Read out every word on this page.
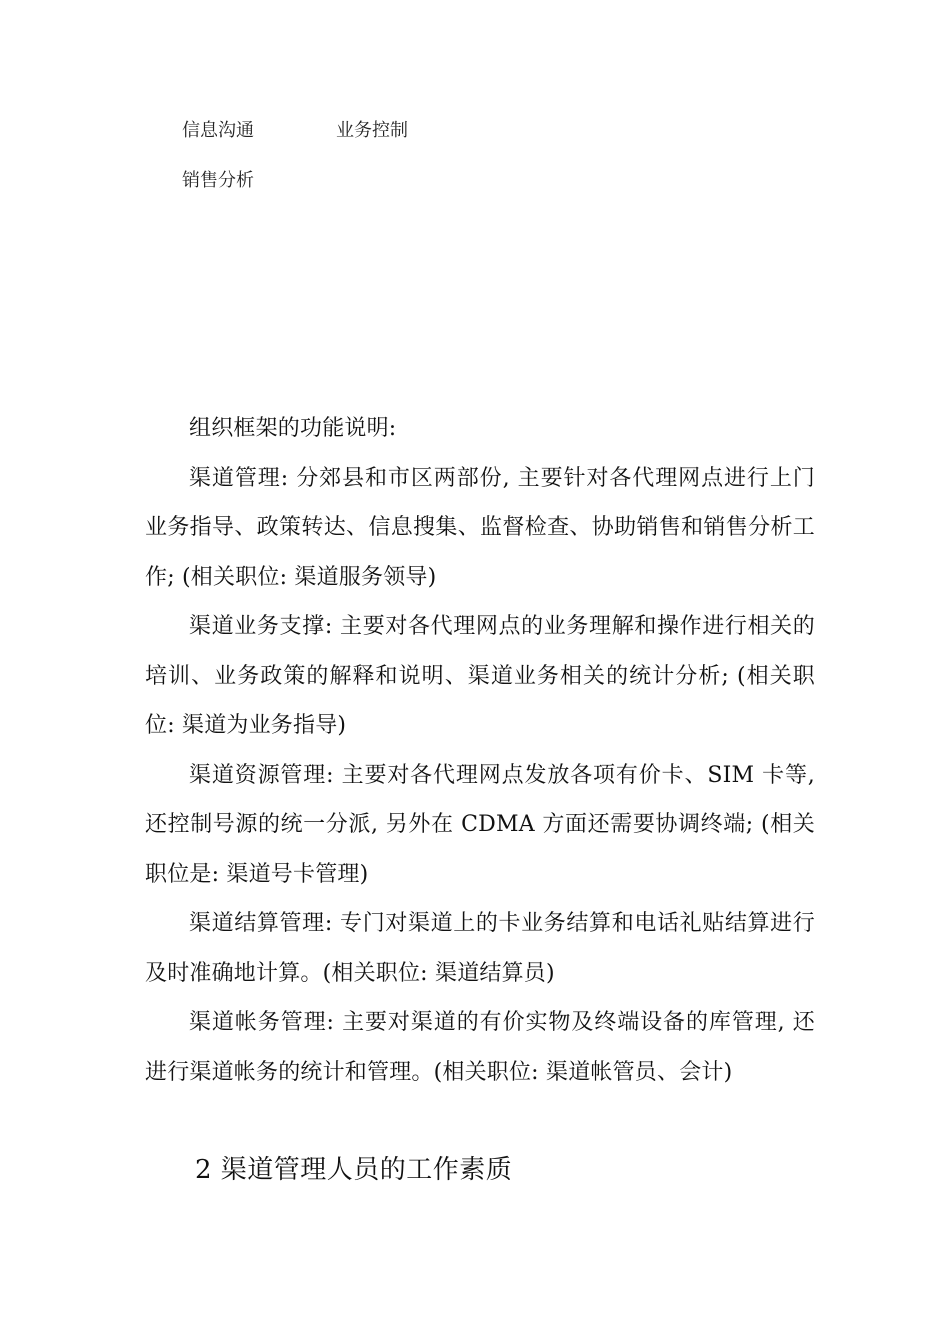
信息沟通	业务控制
销售分析

组织框架的功能说明:

渠道管理: 分郊县和市区两部份, 主要针对各代理网点进行上门业务指导、政策转达、信息搜集、监督检查、协助销售和销售分析工作; (相关职位: 渠道服务领导)

渠道业务支撑: 主要对各代理网点的业务理解和操作进行相关的培训、业务政策的解释和说明、渠道业务相关的统计分析; (相关职位: 渠道为业务指导)

渠道资源管理: 主要对各代理网点发放各项有价卡、SIM 卡等, 还控制号源的统一分派, 另外在 CDMA 方面还需要协调终端; (相关职位是: 渠道号卡管理)

渠道结算管理: 专门对渠道上的卡业务结算和电话礼贴结算进行及时准确地计算。(相关职位: 渠道结算员)

渠道帐务管理: 主要对渠道的有价实物及终端设备的库管理, 还进行渠道帐务的统计和管理。(相关职位: 渠道帐管员、会计)

2 渠道管理人员的工作素质
